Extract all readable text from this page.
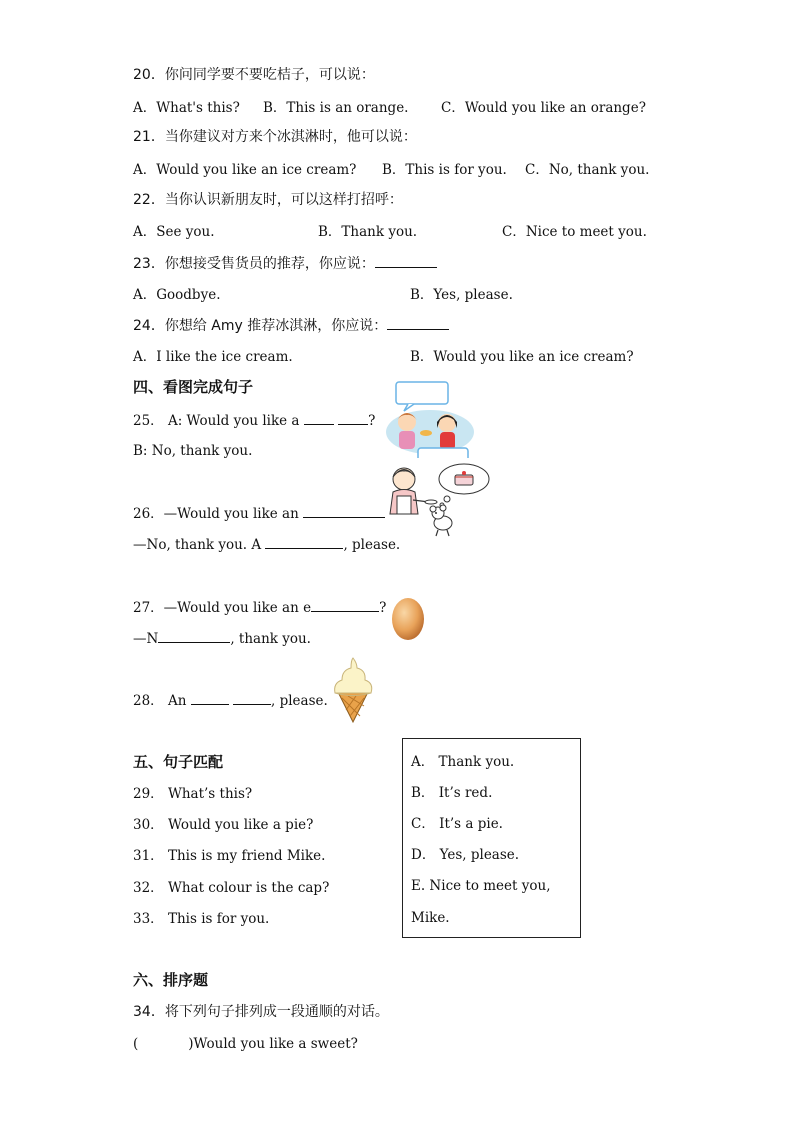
20．你问同学要不要吃桔子，可以说：
A．What's this? B．This is an orange. C．Would you like an orange?
21．当你建议对方来个冰淇淋时，他可以说：
A．Would you like an ice cream? B．This is for you. C．No, thank you.
22．当你认识新朋友时，可以这样打招呼：
A．See you.	B．Thank you.	C．Nice to meet you.
23．你想接受售货员的推荐，你应说：
A．Goodbye.	B．Yes, please.
24．你想给 Amy 推荐冰淇淋，你应说：
A．I like the ice cream.	B．Would you like an ice cream?
四、看图完成句子
25． A: Would you like a	?
B: No, thank you.
26．—Would you like an
—No, thank you. A	, please.
27．—Would you like an e	?
—N	, thank you.
28． An	, please.
五、句子匹配
29． What’s this?
30． Would you like a pie?
31． This is my friend Mike.
32． What colour is the cap?
33． This is for you.
A． Thank you.
B． It’s red.
C． It’s a pie.
D． Yes, please.
E. Nice to meet you,
Mike.
六、排序题
34．将下列句子排列成一段通顺的对话。
(	)Would you like a sweet?
